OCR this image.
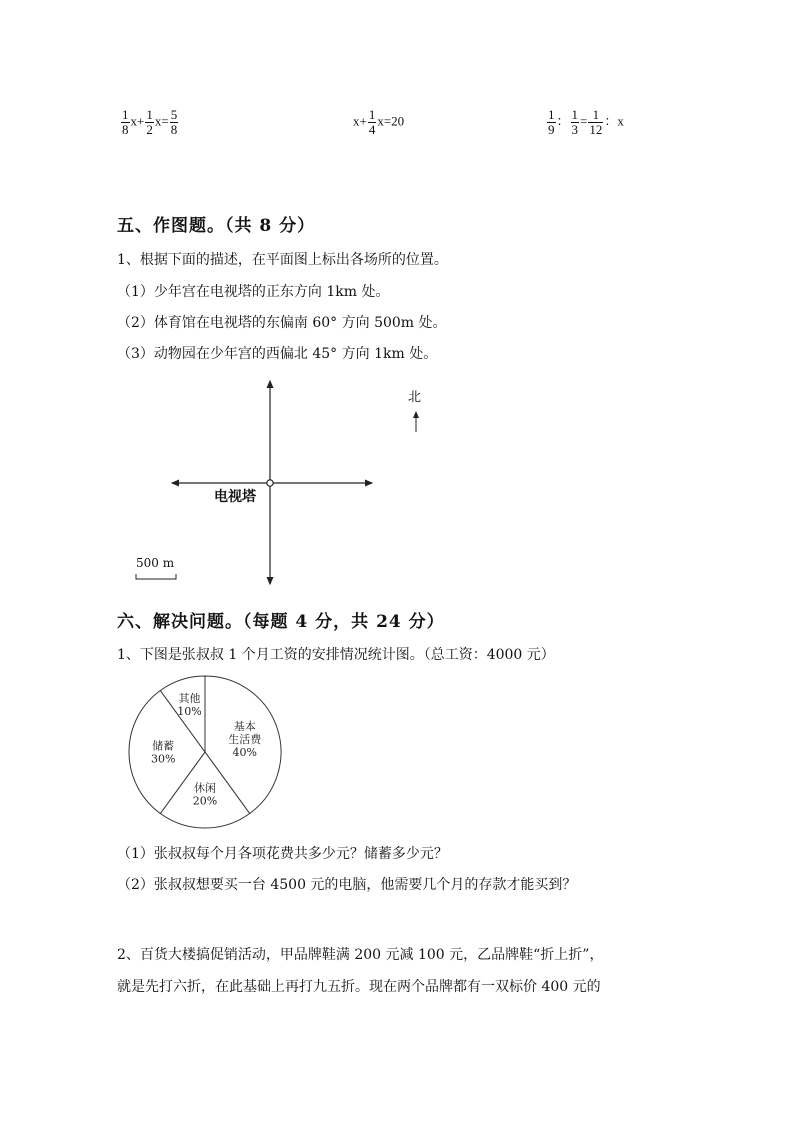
$\frac{1}{8} x+ \frac{1}{2} x= \frac{5}{8}$	$x+ \frac{1}{4} x=20$	$\frac{1}{9}$ ： $\frac{1}{3} = \frac{1}{12}$ ：x
五、作图题。（共 8 分）
1、根据下面的描述，在平面图上标出各场所的位置。
（1）少年宫在电视塔的正东方向 1km 处。
（2）体育馆在电视塔的东偏南 60° 方向 500m 处。
（3）动物园在少年宫的西偏北 45° 方向 1km 处。
电视塔
北
500 m
六、解决问题。（每题 4 分，共 24 分）
1、下图是张叔叔 1 个月工资的安排情况统计图。（总工资：4000 元）
基本生活费 40%
休闲 20%
储蓄 30%
其他 10%
（1）张叔叔每个月各项花费共多少元？储蓄多少元？
（2）张叔叔想要买一台 4500 元的电脑，他需要几个月的存款才能买到？
2、百货大楼搞促销活动，甲品牌鞋满 200 元减 100 元，乙品牌鞋“折上折”，
就是先打六折，在此基础上再打九五折。现在两个品牌都有一双标价 400 元的
